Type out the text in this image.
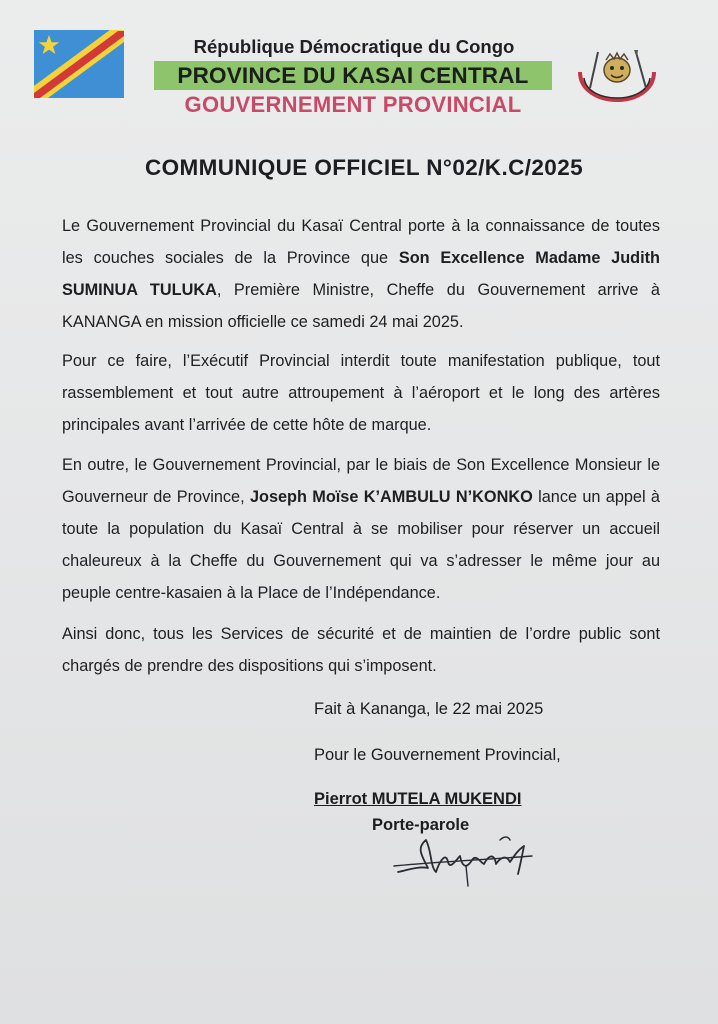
République Démocratique du Congo
PROVINCE DU KASAI CENTRAL
GOUVERNEMENT PROVINCIAL
COMMUNIQUE OFFICIEL N°02/K.C/2025

Le Gouvernement Provincial du Kasaï Central porte à la connaissance de toutes les couches sociales de la Province que Son Excellence Madame Judith SUMINUA TULUKA, Première Ministre, Cheffe du Gouvernement arrive à KANANGA en mission officielle ce samedi 24 mai 2025.

Pour ce faire, l’Exécutif Provincial interdit toute manifestation publique, tout rassemblement et tout autre attroupement à l’aéroport et le long des artères principales avant l’arrivée de cette hôte de marque.

En outre, le Gouvernement Provincial, par le biais de Son Excellence Monsieur le Gouverneur de Province, Joseph Moïse K’AMBULU N’KONKO lance un appel à toute la population du Kasaï Central à se mobiliser pour réserver un accueil chaleureux à la Cheffe du Gouvernement qui va s’adresser le même jour au peuple centre-kasaien à la Place de l’Indépendance.

Ainsi donc, tous les Services de sécurité et de maintien de l’ordre public sont chargés de prendre des dispositions qui s’imposent.

Fait à Kananga, le 22 mai 2025
Pour le Gouvernement Provincial,
Pierrot MUTELA MUKENDI
Porte-parole
